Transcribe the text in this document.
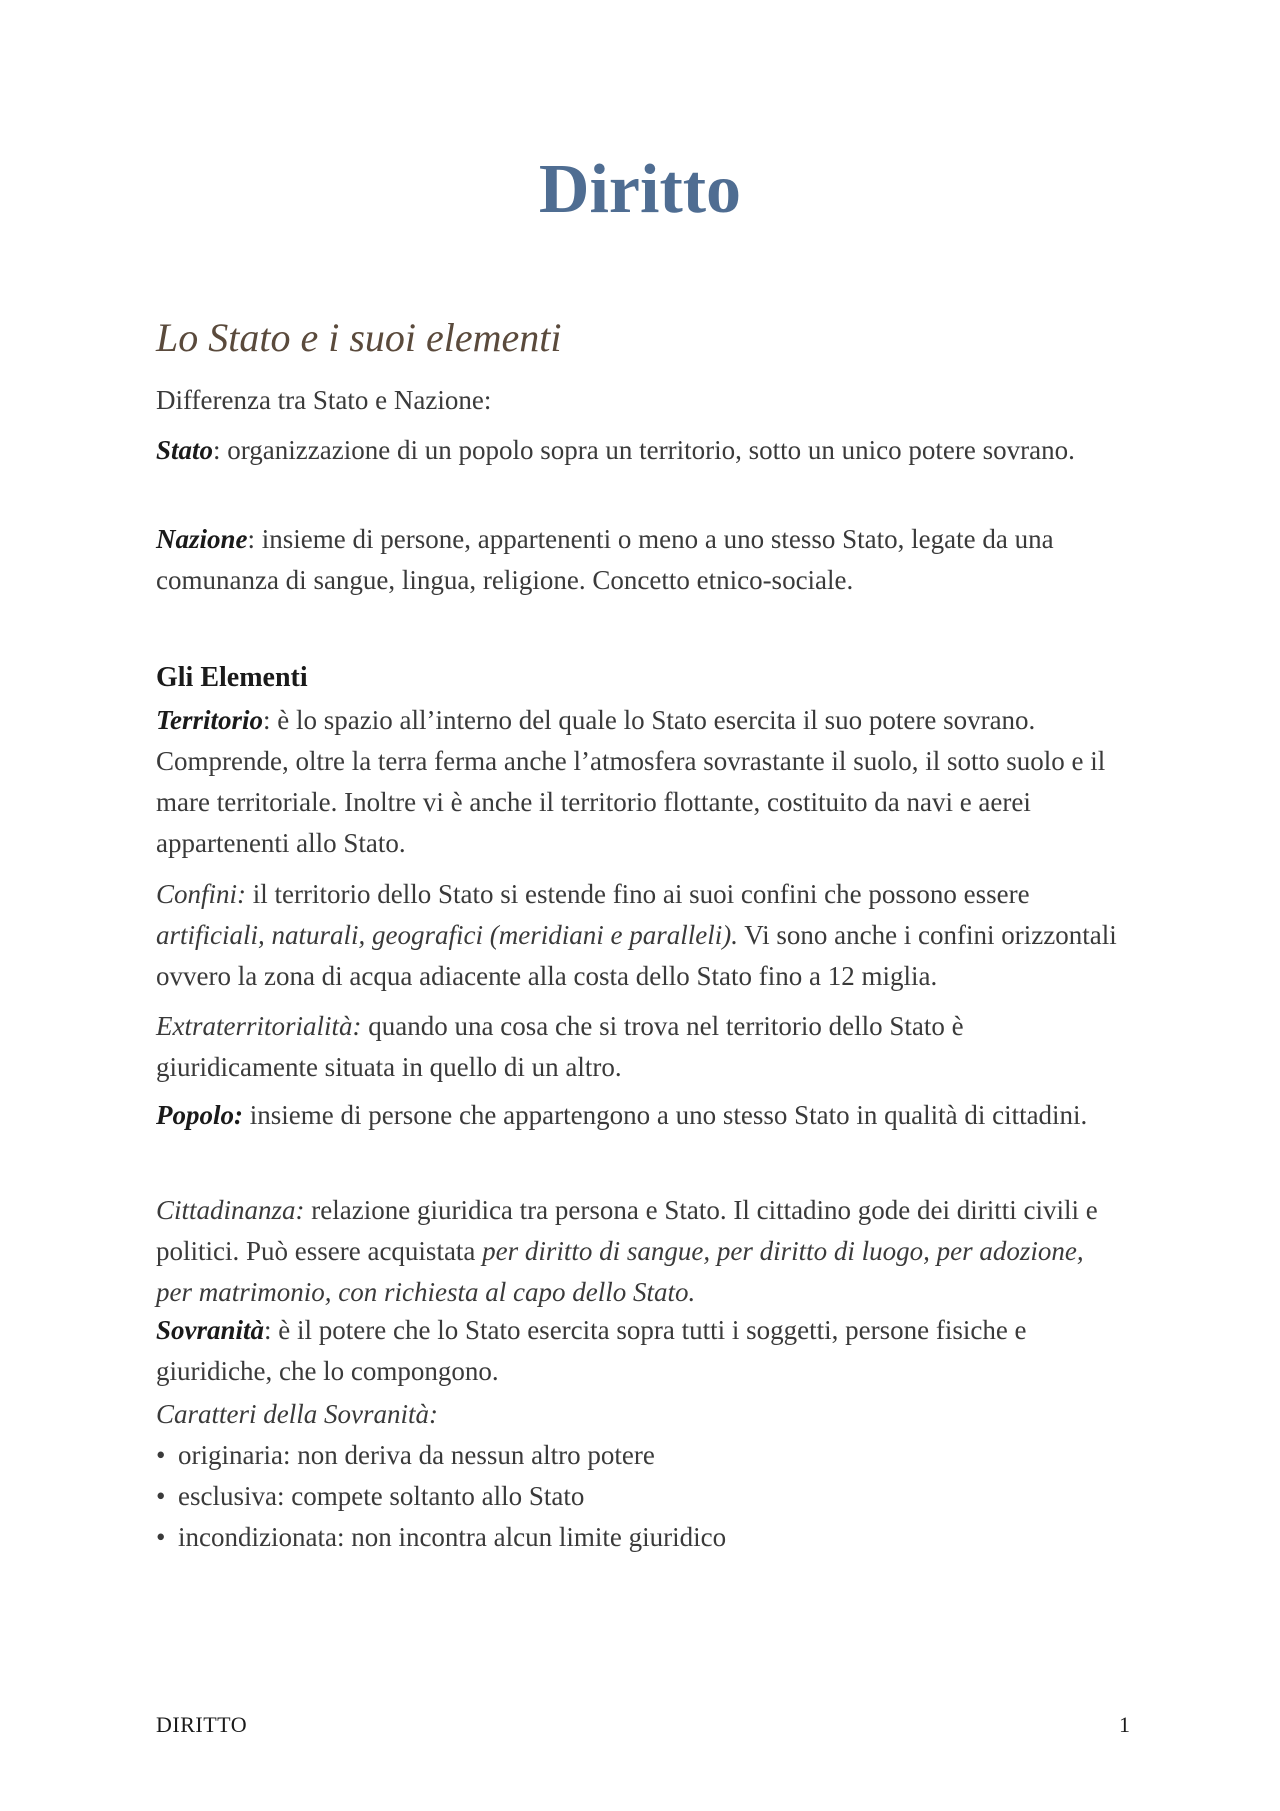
Diritto
Lo Stato e i suoi elementi

Differenza tra Stato e Nazione:

Stato: organizzazione di un popolo sopra un territorio, sotto un unico potere sovrano.

Nazione: insieme di persone, appartenenti o meno a uno stesso Stato, legate da una comunanza di sangue, lingua, religione. Concetto etnico-sociale.

Gli Elementi

Territorio: è lo spazio all’interno del quale lo Stato esercita il suo potere sovrano. Comprende, oltre la terra ferma anche l’atmosfera sovrastante il suolo, il sotto suolo e il mare territoriale. Inoltre vi è anche il territorio flottante, costituito da navi e aerei appartenenti allo Stato.

Confini: il territorio dello Stato si estende fino ai suoi confini che possono essere artificiali, naturali, geografici (meridiani e paralleli). Vi sono anche i confini orizzontali ovvero la zona di acqua adiacente alla costa dello Stato fino a 12 miglia.

Extraterritorialità: quando una cosa che si trova nel territorio dello Stato è giuridicamente situata in quello di un altro.

Popolo: insieme di persone che appartengono a uno stesso Stato in qualità di cittadini.

Cittadinanza: relazione giuridica tra persona e Stato. Il cittadino gode dei diritti civili e politici. Può essere acquistata per diritto di sangue, per diritto di luogo, per adozione, per matrimonio, con richiesta al capo dello Stato.

Sovranità: è il potere che lo Stato esercita sopra tutti i soggetti, persone fisiche e giuridiche, che lo compongono.

Caratteri della Sovranità:

• originaria: non deriva da nessun altro potere
• esclusiva: compete soltanto allo Stato
• incondizionata: non incontra alcun limite giuridico
DIRITTO	1
